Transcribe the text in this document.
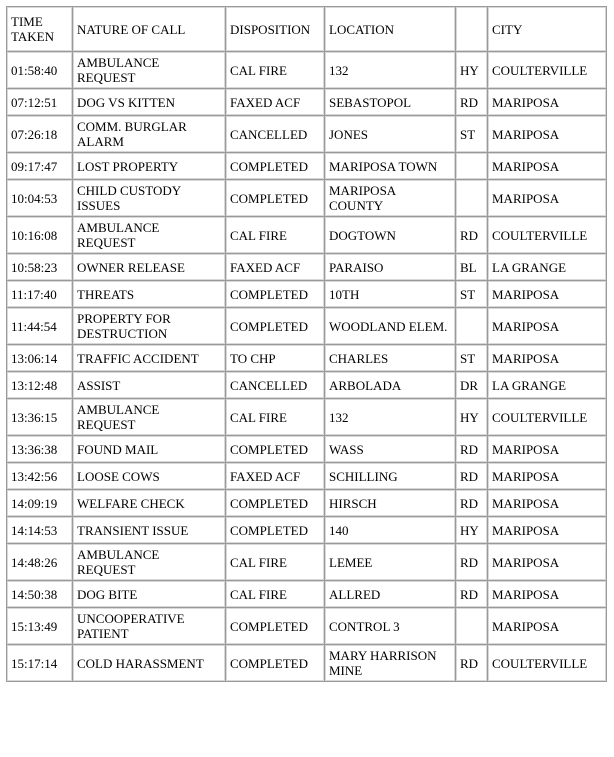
TIME TAKEN	NATURE OF CALL	DISPOSITION	LOCATION		CITY
01:58:40	AMBULANCE REQUEST	CAL FIRE	132	HY	COULTERVILLE
07:12:51	DOG VS KITTEN	FAXED ACF	SEBASTOPOL	RD	MARIPOSA
07:26:18	COMM. BURGLAR ALARM	CANCELLED	JONES	ST	MARIPOSA
09:17:47	LOST PROPERTY	COMPLETED	MARIPOSA TOWN		MARIPOSA
10:04:53	CHILD CUSTODY ISSUES	COMPLETED	MARIPOSA COUNTY		MARIPOSA
10:16:08	AMBULANCE REQUEST	CAL FIRE	DOGTOWN	RD	COULTERVILLE
10:58:23	OWNER RELEASE	FAXED ACF	PARAISO	BL	LA GRANGE
11:17:40	THREATS	COMPLETED	10TH	ST	MARIPOSA
11:44:54	PROPERTY FOR DESTRUCTION	COMPLETED	WOODLAND ELEM.		MARIPOSA
13:06:14	TRAFFIC ACCIDENT	TO CHP	CHARLES	ST	MARIPOSA
13:12:48	ASSIST	CANCELLED	ARBOLADA	DR	LA GRANGE
13:36:15	AMBULANCE REQUEST	CAL FIRE	132	HY	COULTERVILLE
13:36:38	FOUND MAIL	COMPLETED	WASS	RD	MARIPOSA
13:42:56	LOOSE COWS	FAXED ACF	SCHILLING	RD	MARIPOSA
14:09:19	WELFARE CHECK	COMPLETED	HIRSCH	RD	MARIPOSA
14:14:53	TRANSIENT ISSUE	COMPLETED	140	HY	MARIPOSA
14:48:26	AMBULANCE REQUEST	CAL FIRE	LEMEE	RD	MARIPOSA
14:50:38	DOG BITE	CAL FIRE	ALLRED	RD	MARIPOSA
15:13:49	UNCOOPERATIVE PATIENT	COMPLETED	CONTROL 3		MARIPOSA
15:17:14	COLD HARASSMENT	COMPLETED	MARY HARRISON MINE	RD	COULTERVILLE
